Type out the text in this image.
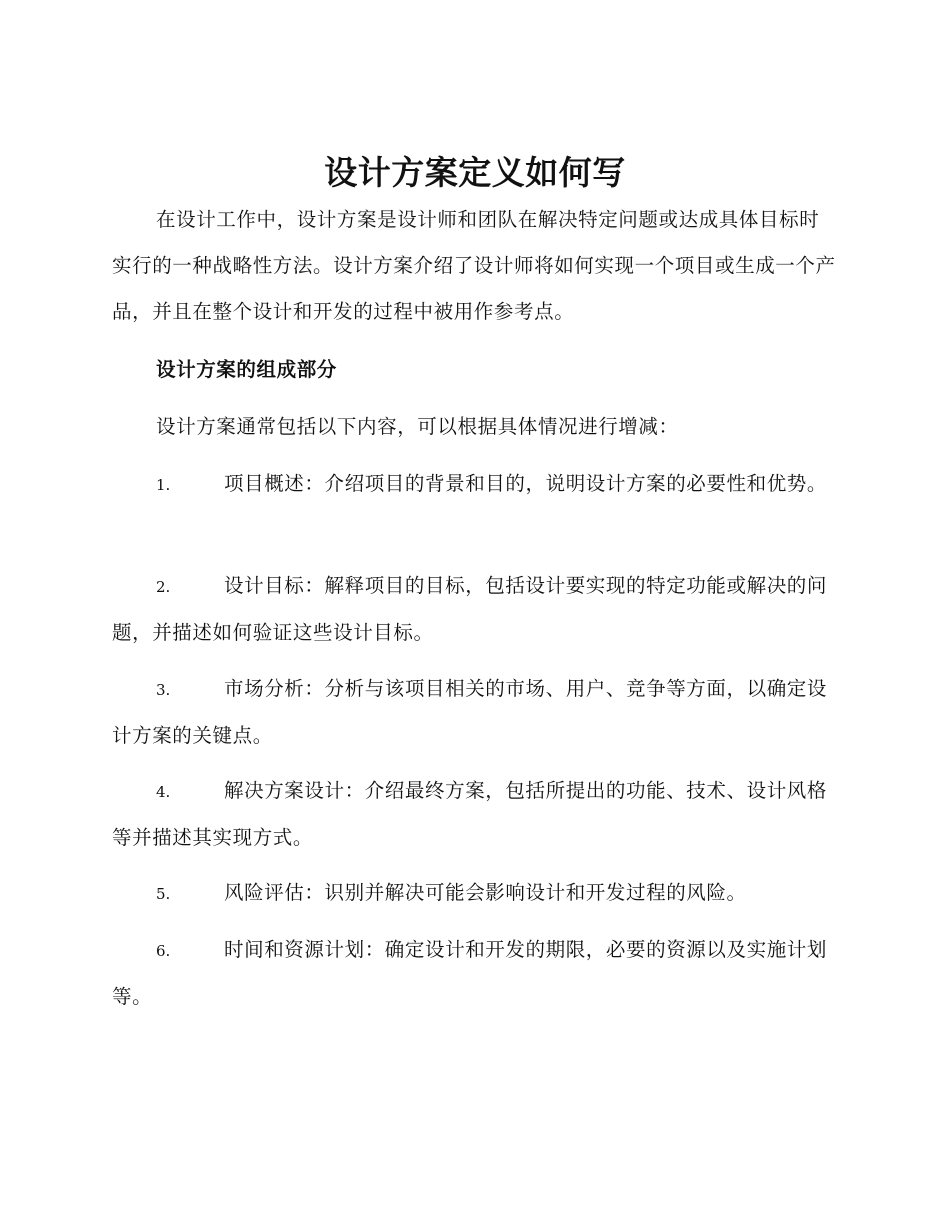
设计方案定义如何写

在设计工作中，设计方案是设计师和团队在解决特定问题或达成具体目标时实行的一种战略性方法。设计方案介绍了设计师将如何实现一个项目或生成一个产品，并且在整个设计和开发的过程中被用作参考点。

设计方案的组成部分
设计方案通常包括以下内容，可以根据具体情况进行增减：
1.	项目概述：介绍项目的背景和目的，说明设计方案的必要性和优势。
2.	设计目标：解释项目的目标，包括设计要实现的特定功能或解决的问题，并描述如何验证这些设计目标。
3.	市场分析：分析与该项目相关的市场、用户、竞争等方面，以确定设计方案的关键点。
4.	解决方案设计：介绍最终方案，包括所提出的功能、技术、设计风格等并描述其实现方式。
5.	风险评估：识别并解决可能会影响设计和开发过程的风险。
6.	时间和资源计划：确定设计和开发的期限，必要的资源以及实施计划等。
